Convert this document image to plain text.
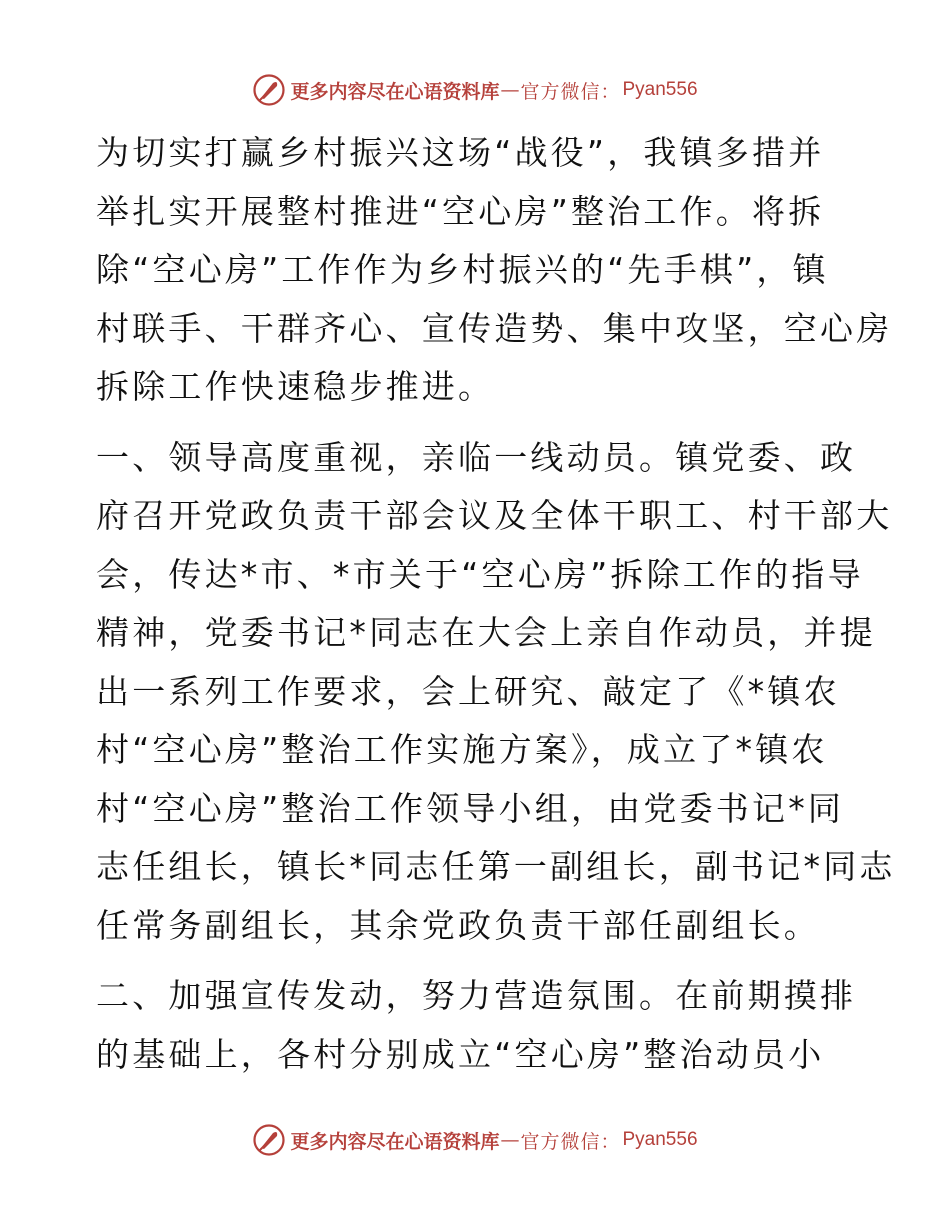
更多内容尽在心语资料库 — 官方微信： Pyan556
为切实打赢乡村振兴这场“战役”，我镇多措并
举扎实开展整村推进“空心房”整治工作。将拆
除“空心房”工作作为乡村振兴的“先手棋”，镇
村联手、干群齐心、宣传造势、集中攻坚，空心房
拆除工作快速稳步推进。
一、领导高度重视，亲临一线动员。镇党委、政
府召开党政负责干部会议及全体干职工、村干部大
会，传达*市、*市关于“空心房”拆除工作的指导
精神，党委书记*同志在大会上亲自作动员，并提
出一系列工作要求，会上研究、敲定了《*镇农
村“空心房”整治工作实施方案》，成立了*镇农
村“空心房”整治工作领导小组，由党委书记*同
志任组长，镇长*同志任第一副组长，副书记*同志
任常务副组长，其余党政负责干部任副组长。
二、加强宣传发动，努力营造氛围。在前期摸排
的基础上，各村分别成立“空心房”整治动员小
更多内容尽在心语资料库 — 官方微信： Pyan556
